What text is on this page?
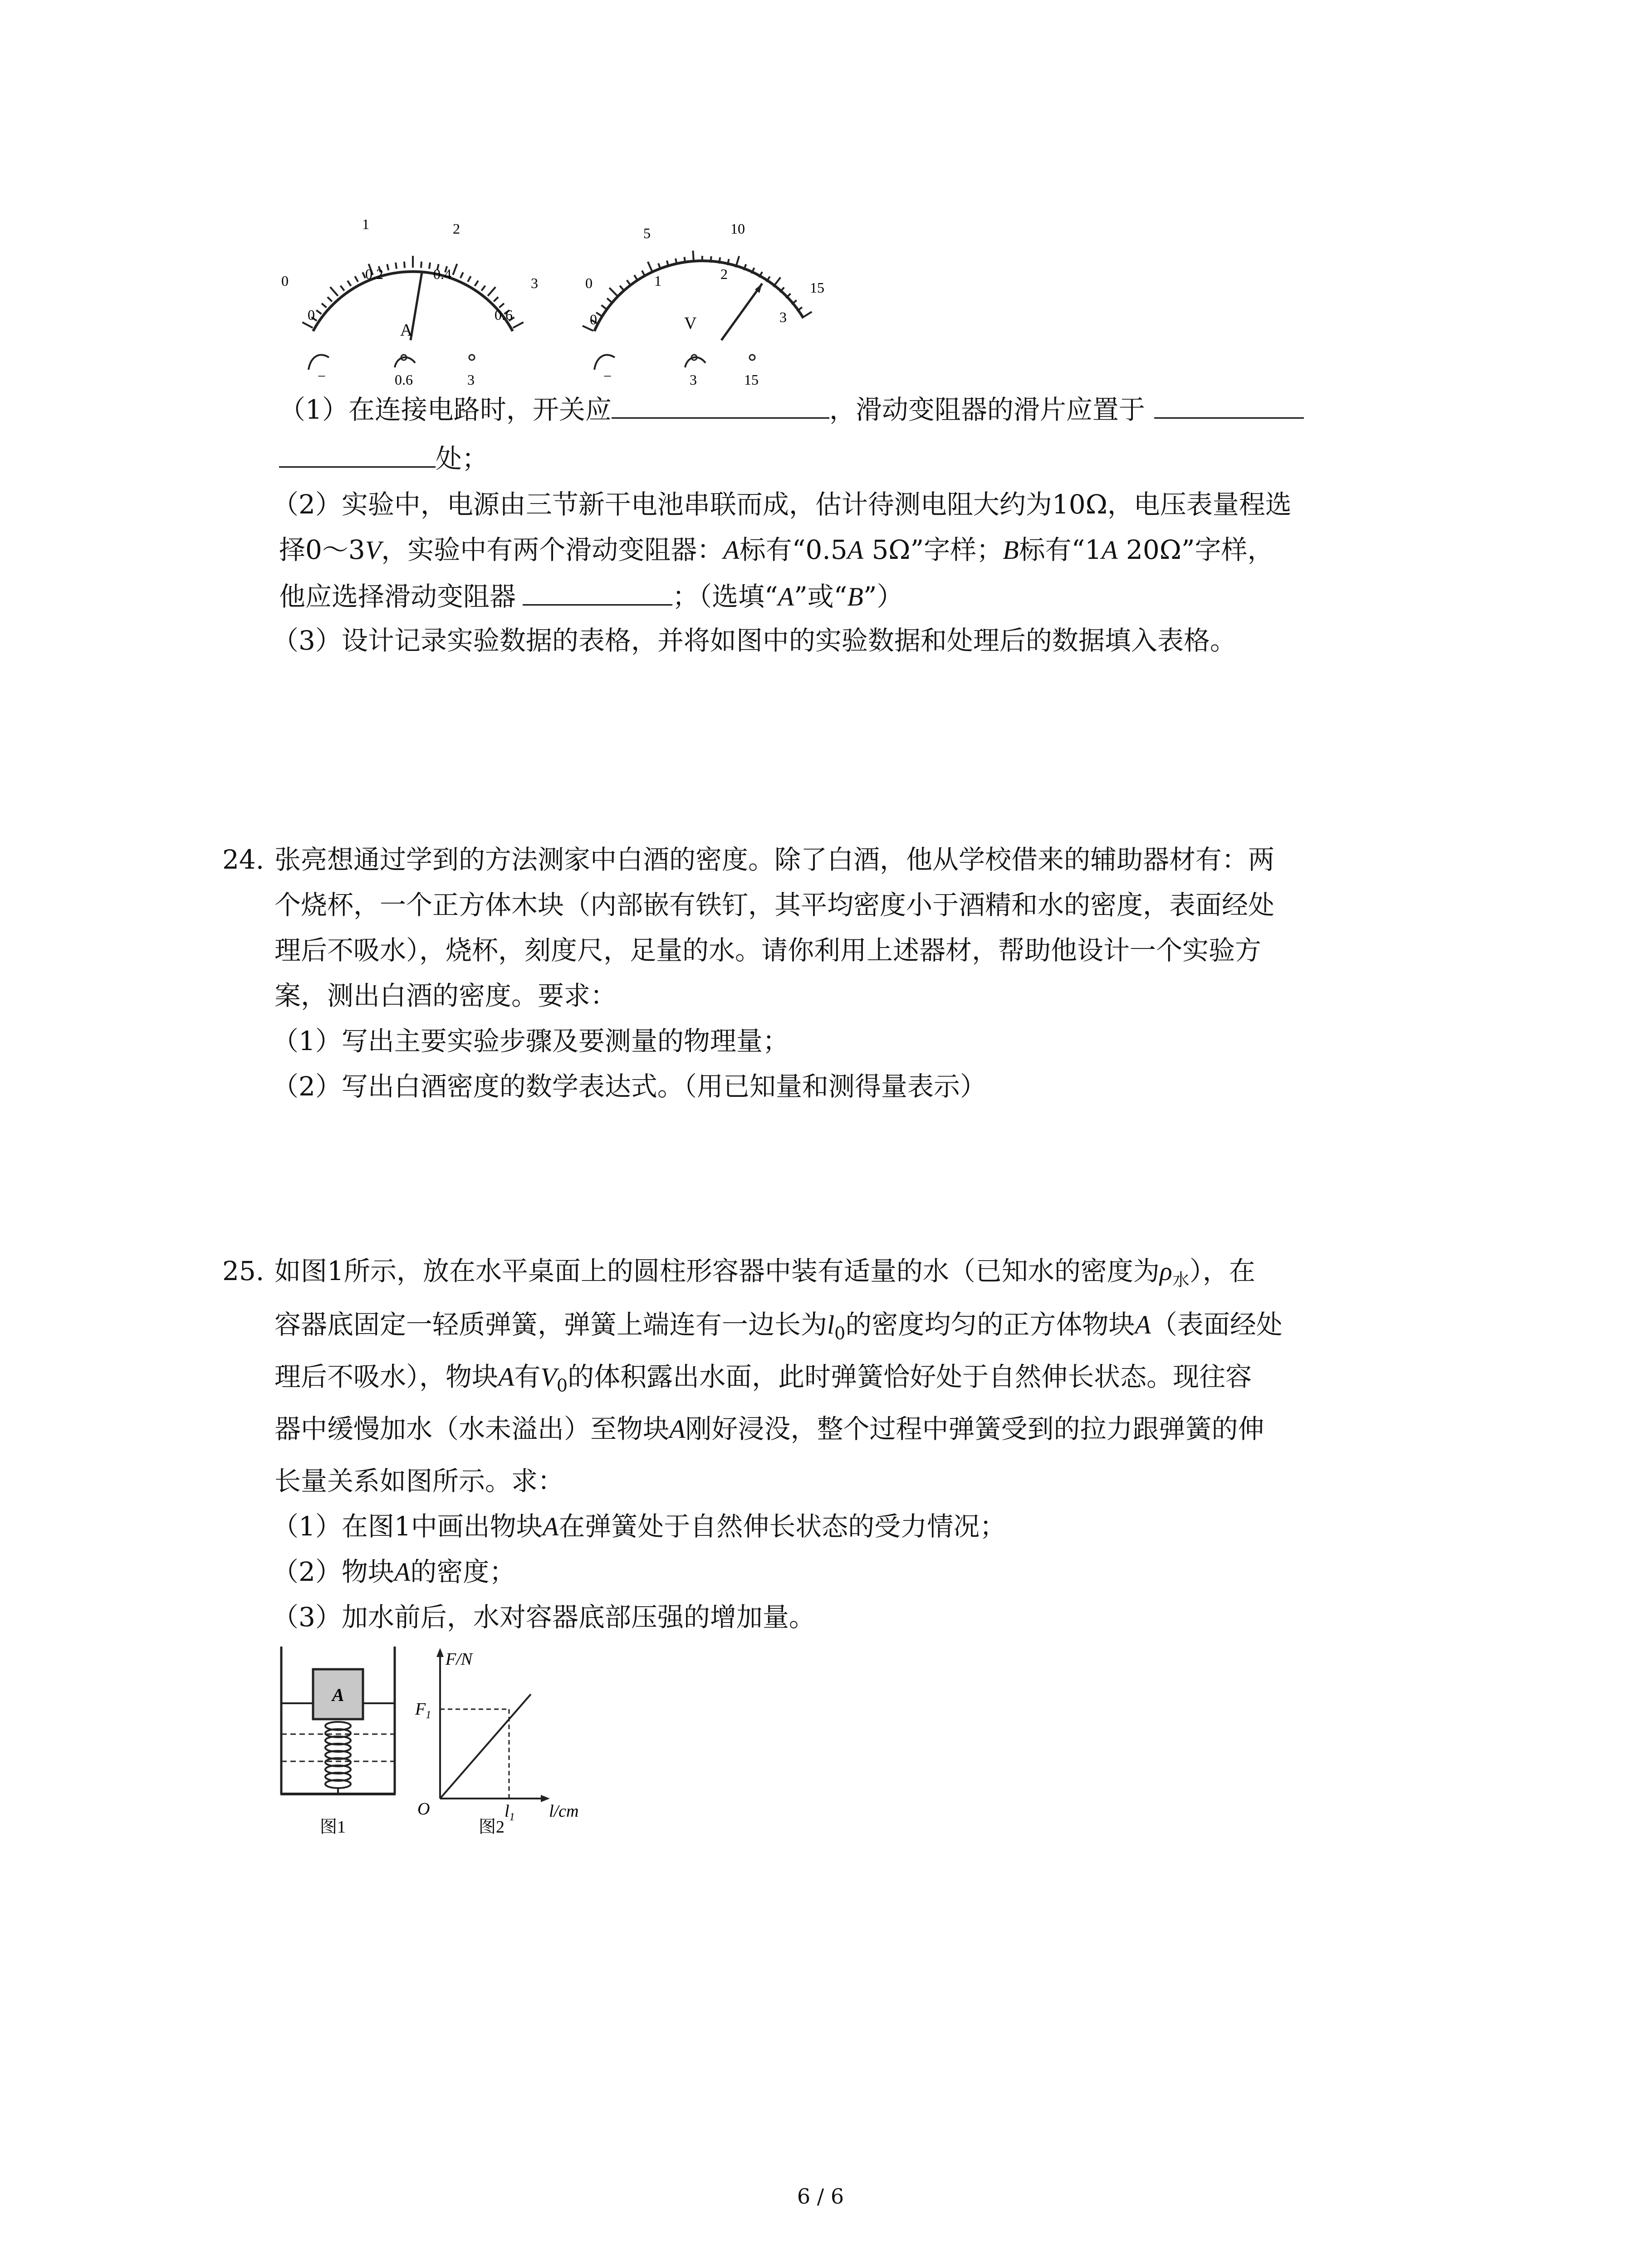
0
1	2
3
0
0.2	0.4
0.6
A
−	0.6	3
0
5	10
15
0
1	2
3
V
−	3	15
（1）在连接电路时，开关应	，滑动变阻器的滑片应置于
处；
（2）实验中，电源由三节新干电池串联而成，估计待测电阻大约为10Ω，电压表量程选
择0～3V，实验中有两个滑动变阻器：A标有“0.5A 5Ω”字样；B标有“1A 20Ω”字样，
他应选择滑动变阻器	；（选填“A”或“B”）
（3）设计记录实验数据的表格，并将如图中的实验数据和处理后的数据填入表格。
24. 张亮想通过学到的方法测家中白酒的密度。除了白酒，他从学校借来的辅助器材有：两
个烧杯，一个正方体木块（内部嵌有铁钉，其平均密度小于酒精和水的密度，表面经处
理后不吸水），烧杯，刻度尺，足量的水。请你利用上述器材，帮助他设计一个实验方
案，测出白酒的密度。要求：
（1）写出主要实验步骤及要测量的物理量；
（2）写出白酒密度的数学表达式。（用已知量和测得量表示）
25. 如图1所示，放在水平桌面上的圆柱形容器中装有适量的水（已知水的密度为$\rho_水$），在
容器底固定一轻质弹簧，弹簧上端连有一边长为$l_0$的密度均匀的正方体物块A（表面经处
理后不吸水），物块A有$V_0$的体积露出水面，此时弹簧恰好处于自然伸长状态。现往容
器中缓慢加水（水未溢出）至物块A刚好浸没，整个过程中弹簧受到的拉力跟弹簧的伸
长量关系如图所示。求：
（1）在图1中画出物块A在弹簧处于自然伸长状态的受力情况；
（2）物块A的密度；
（3）加水前后，水对容器底部压强的增加量。
A
图1
F/N
l/cm
O
$F_1$
$l_1$
图2
6 / 6
